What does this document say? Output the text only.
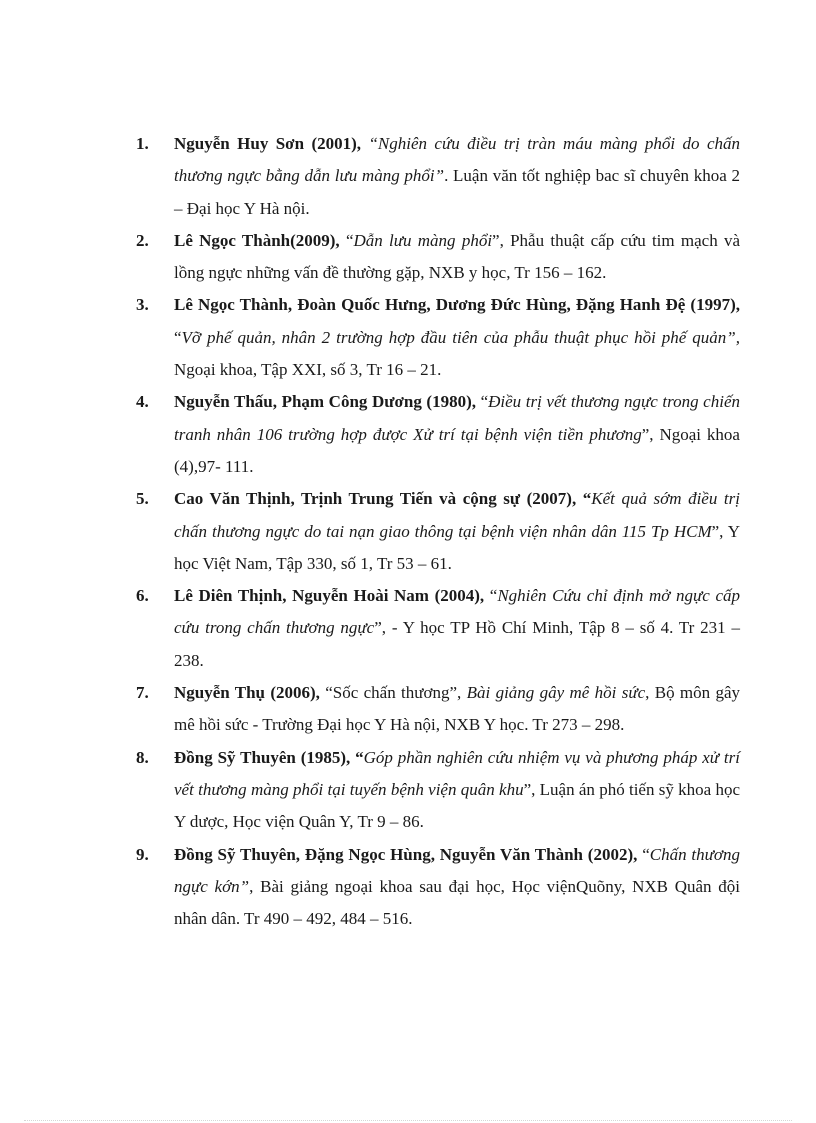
1. Nguyễn Huy Sơn (2001), “Nghiên cứu điều trị tràn máu màng phổi do chấn thương ngực bằng dẫn lưu màng phổi”. Luận văn tốt nghiệp bac sĩ chuyên khoa 2 – Đại học Y Hà nội.
2. Lê Ngọc Thành(2009), “Dẫn lưu màng phổi”, Phẫu thuật cấp cứu tim mạch và lồng ngực những vấn đề thường gặp, NXB y học, Tr 156 – 162.
3. Lê Ngọc Thành, Đoàn Quốc Hưng, Dương Đức Hùng, Đặng Hanh Đệ (1997), “Vỡ phế quản, nhân 2 trường hợp đầu tiên của phẫu thuật phục hồi phế quản”, Ngoại khoa, Tập XXI, số 3, Tr 16 – 21.
4. Nguyễn Thấu, Phạm Công Dương (1980), “Điều trị vết thương ngực trong chiến tranh nhân 106 trường hợp được Xử trí tại bệnh viện tiền phương”, Ngoại khoa (4),97- 111.
5. Cao Văn Thịnh, Trịnh Trung Tiến và cộng sự (2007), “Kết quả sớm điều trị chấn thương ngực do tai nạn giao thông tại bệnh viện nhân dân 115 Tp HCM”, Y học Việt Nam, Tập 330, số 1, Tr 53 – 61.
6. Lê Diên Thịnh, Nguyễn Hoài Nam (2004), “Nghiên Cứu chỉ định mở ngực cấp cứu trong chấn thương ngực”, - Y học TP Hồ Chí Minh, Tập 8 – số 4. Tr 231 – 238.
7. Nguyễn Thụ (2006), “Sốc chấn thương”, Bài giảng gây mê hồi sức, Bộ môn gây mê hồi sức - Trường Đại học Y Hà nội, NXB Y học. Tr 273 – 298.
8. Đồng Sỹ Thuyên (1985), “Góp phần nghiên cứu nhiệm vụ và phương pháp xử trí vết thương màng phổi tại tuyến bệnh viện quân khu”, Luận án phó tiến sỹ khoa học Y dược, Học viện Quân Y, Tr 9 – 86.
9. Đồng Sỹ Thuyên, Đặng Ngọc Hùng, Nguyễn Văn Thành (2002), “Chấn thương ngực kớn”, Bài giảng ngoại khoa sau đại học, Học việnQuõny, NXB Quân đội nhân dân. Tr 490 – 492, 484 – 516.
